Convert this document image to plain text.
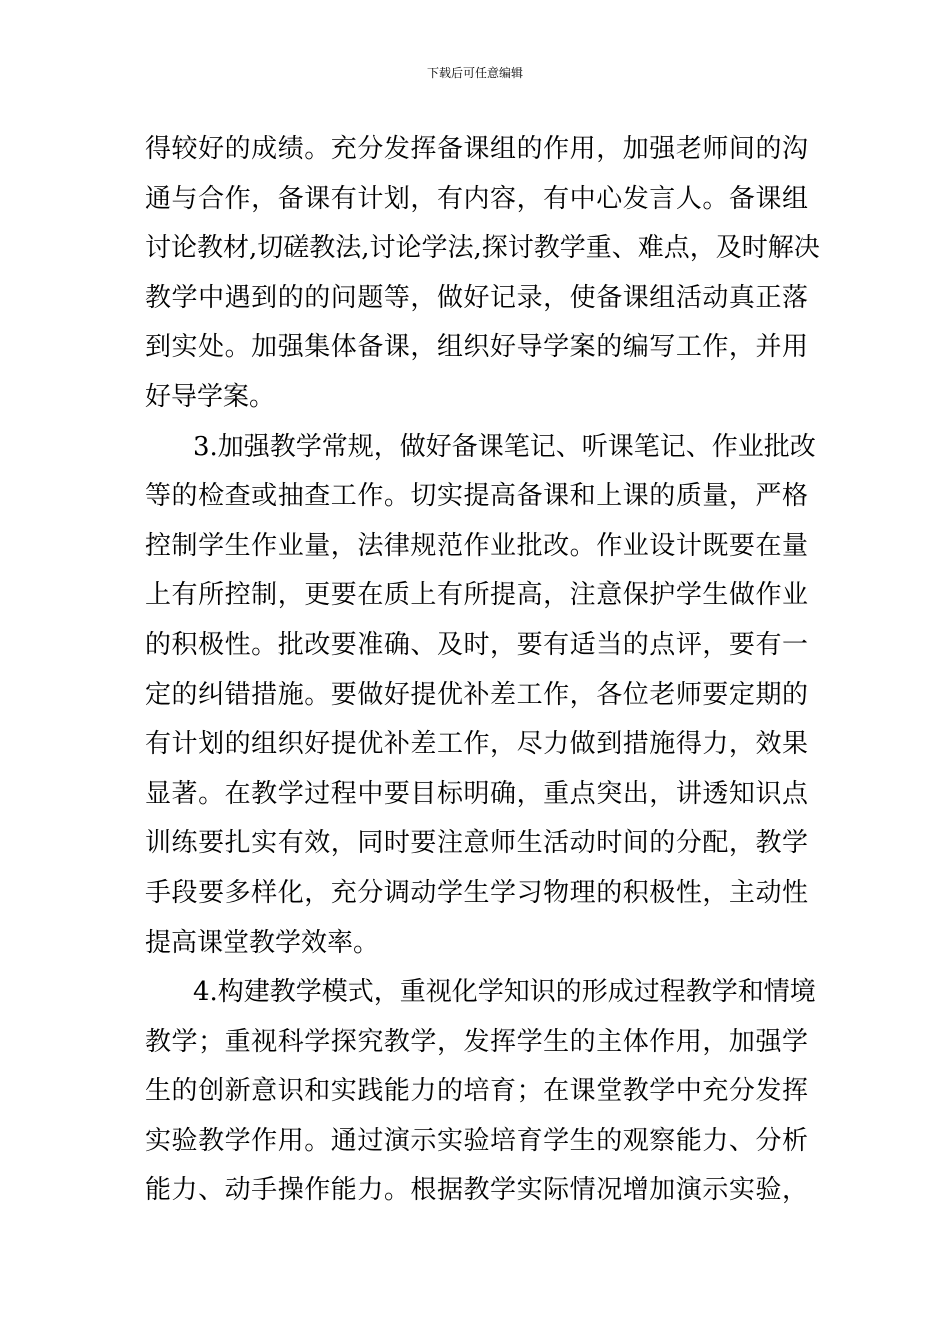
下载后可任意编辑
得较好的成绩。充分发挥备课组的作用，加强老师间的沟
通与合作，备课有计划，有内容，有中心发言人。备课组
讨论教材,切磋教法,讨论学法,探讨教学重、难点，及时解决
教学中遇到的的问题等，做好记录，使备课组活动真正落
到实处。加强集体备课，组织好导学案的编写工作，并用
好导学案。
3.加强教学常规，做好备课笔记、听课笔记、作业批改
等的检查或抽查工作。切实提高备课和上课的质量，严格
控制学生作业量，法律规范作业批改。作业设计既要在量
上有所控制，更要在质上有所提高，注意保护学生做作业
的积极性。批改要准确、及时，要有适当的点评，要有一
定的纠错措施。要做好提优补差工作，各位老师要定期的
有计划的组织好提优补差工作，尽力做到措施得力，效果
显著。在教学过程中要目标明确，重点突出，讲透知识点
训练要扎实有效，同时要注意师生活动时间的分配，教学
手段要多样化，充分调动学生学习物理的积极性，主动性
提高课堂教学效率。
4.构建教学模式，重视化学知识的形成过程教学和情境
教学；重视科学探究教学，发挥学生的主体作用，加强学
生的创新意识和实践能力的培育；在课堂教学中充分发挥
实验教学作用。通过演示实验培育学生的观察能力、分析
能力、动手操作能力。根据教学实际情况增加演示实验，
